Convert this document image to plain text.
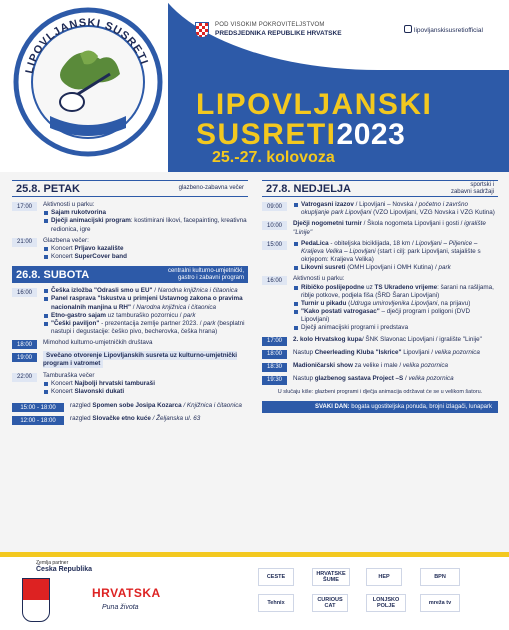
LIPOVLJANSKI SUSRETI
POD VISOKIM POKROVITELJSTVOM
PREDSJEDNIKA REPUBLIKE HRVATSKE	lipovljanskisusretiofficial
LIPOVLJANSKI
SUSRETI2023
25.-27. kolovoza
25.8. PETAK	glazbeno-zabavna večer
17:00	Aktivnosti u parku:
Sajam rukotvorina
Dječji animacijski program: kostimirani likovi, facepainting, kreativna redionica, igre
21:00	Glazbena večer:
Koncert Prljavo kazalište
Koncert SuperCover band
26.8. SUBOTA	centralni kulturno-umjetnički,
gastro i zabavni program
16:00	Češka izložba "Odrasli smo u EU" / Narodna knjižnica i čitaonica
Panel rasprava "Iskustva u primjeni Ustavnog zakona o pravima nacionalnih manjina u RH" / Narodna knjižnica i čitaonica
Etno-gastro sajam uz tamburaško pozornicu / park
"Češki paviljon" - prezentacija zemlje partner 2023. / park (besplatni nastupi i degustacije: češko pivo, becherovka, češka hrana)
18:00	Mimohod kulturno-umjetničkih društava
19:00	Svečano otvorenje Lipovljanskih susreta uz kulturno-umjetnički program i vatromet
22:00	Tamburaška večer
Koncert Najbolji hrvatski tamburaši
Koncert Slavonski dukati
15:00 - 18:00	razgled Spomen sobe Josipa Kozarca / Knjižnica i čitaonica
12:00 - 18:00	razgled Slovačke etno kuće / Željanska ul. 63
27.8. NEDJELJA	sportski i
zabavni sadržaji
09:00	Vatrogasni izazov / Lipovljani – Novska / početno i završno okupljanje park Lipovljani (VZO Lipovljani, VZG Novska i VZG Kutina)
10:00	Dječji nogometni turnir / Škola nogometa Lipovljani i gosti / igralište "Linije"
15:00	PedaLica - obiteljska biciklijada, 18 km / Lipovljani – Piljenice – Kraljeva Velika – Lipovljani (start i cilj: park Lipovljani, stajalište s okrjepom: Kraljeva Velika)
Likovni susreti (OMH Lipovljani i OMH Kutina) / park
16:00	Aktivnosti u parku:
Ribičko poslijepodne uz TS Ukradeno vrijeme: šarani na rašljama, riblje potkove, podjela fiša (ŠRD Šaran Lipovljani)
Turnir u pikadu (Udruga umirovljenika Lipovljani, na prijavu)
"Kako postati vatrogasac" – dječji program i poligoni (DVD Lipovljani)
Dječji animacijski programi i predstava
17:00	2. kolo Hrvatskog kupa/ ŠNK Slavonac Lipovljani / igralište "Linije"
18:00	Nastup Cheerleading Kluba "Iskrice" Lipovljani / velika pozornica
18:30	Madioničarski show za velike i male / velika pozornica
19:30	Nastup glazbenog sastava Project –S / velika pozornica
U slučaju kiše: glazbeni programi i dječja animacija održavat će se u velikom šatoru.
SVAKI DAN: bogata ugostiteljska ponuda, brojni izlagači, lunapark
Zemlja partner
Česka Republika
HRVATSKA
Puna života
CESTE	HRVATSKE ŠUME	HEP	BPN
Tehnix	CURIOUS CAT
LONJSKO POLJE	mreža tv
